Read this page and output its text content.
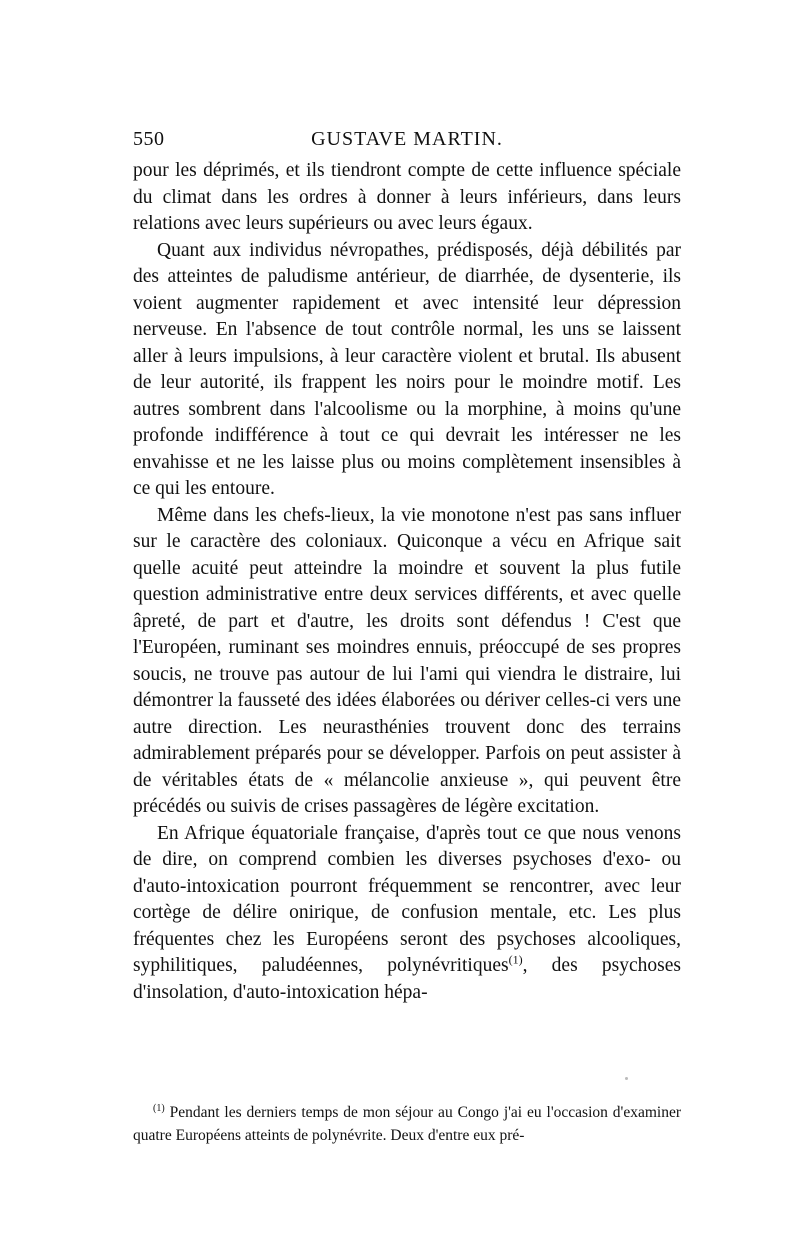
550	GUSTAVE MARTIN.

pour les déprimés, et ils tiendront compte de cette influence spéciale du climat dans les ordres à donner à leurs inférieurs, dans leurs relations avec leurs supérieurs ou avec leurs égaux.

Quant aux individus névropathes, prédisposés, déjà débilités par des atteintes de paludisme antérieur, de diarrhée, de dysenterie, ils voient augmenter rapidement et avec intensité leur dépression nerveuse. En l'absence de tout contrôle normal, les uns se laissent aller à leurs impulsions, à leur caractère violent et brutal. Ils abusent de leur autorité, ils frappent les noirs pour le moindre motif. Les autres sombrent dans l'alcoolisme ou la morphine, à moins qu'une profonde indifférence à tout ce qui devrait les intéresser ne les envahisse et ne les laisse plus ou moins complètement insensibles à ce qui les entoure.

Même dans les chefs-lieux, la vie monotone n'est pas sans influer sur le caractère des coloniaux. Quiconque a vécu en Afrique sait quelle acuité peut atteindre la moindre et souvent la plus futile question administrative entre deux services différents, et avec quelle âpreté, de part et d'autre, les droits sont défendus ! C'est que l'Européen, ruminant ses moindres ennuis, préoccupé de ses propres soucis, ne trouve pas autour de lui l'ami qui viendra le distraire, lui démontrer la fausseté des idées élaborées ou dériver celles-ci vers une autre direction. Les neurasthénies trouvent donc des terrains admirablement préparés pour se développer. Parfois on peut assister à de véritables états de « mélancolie anxieuse », qui peuvent être précédés ou suivis de crises passagères de légère excitation.

En Afrique équatoriale française, d'après tout ce que nous venons de dire, on comprend combien les diverses psychoses d'exo- ou d'auto-intoxication pourront fréquemment se rencontrer, avec leur cortège de délire onirique, de confusion mentale, etc. Les plus fréquentes chez les Européens seront des psychoses alcooliques, syphilitiques, paludéennes, polynévritiques$^{(1)}$, des psychoses d'insolation, d'auto-intoxication hépa-

$^{(1)}$ Pendant les derniers temps de mon séjour au Congo j'ai eu l'occasion d'examiner quatre Européens atteints de polynévrite. Deux d'entre eux pré-
